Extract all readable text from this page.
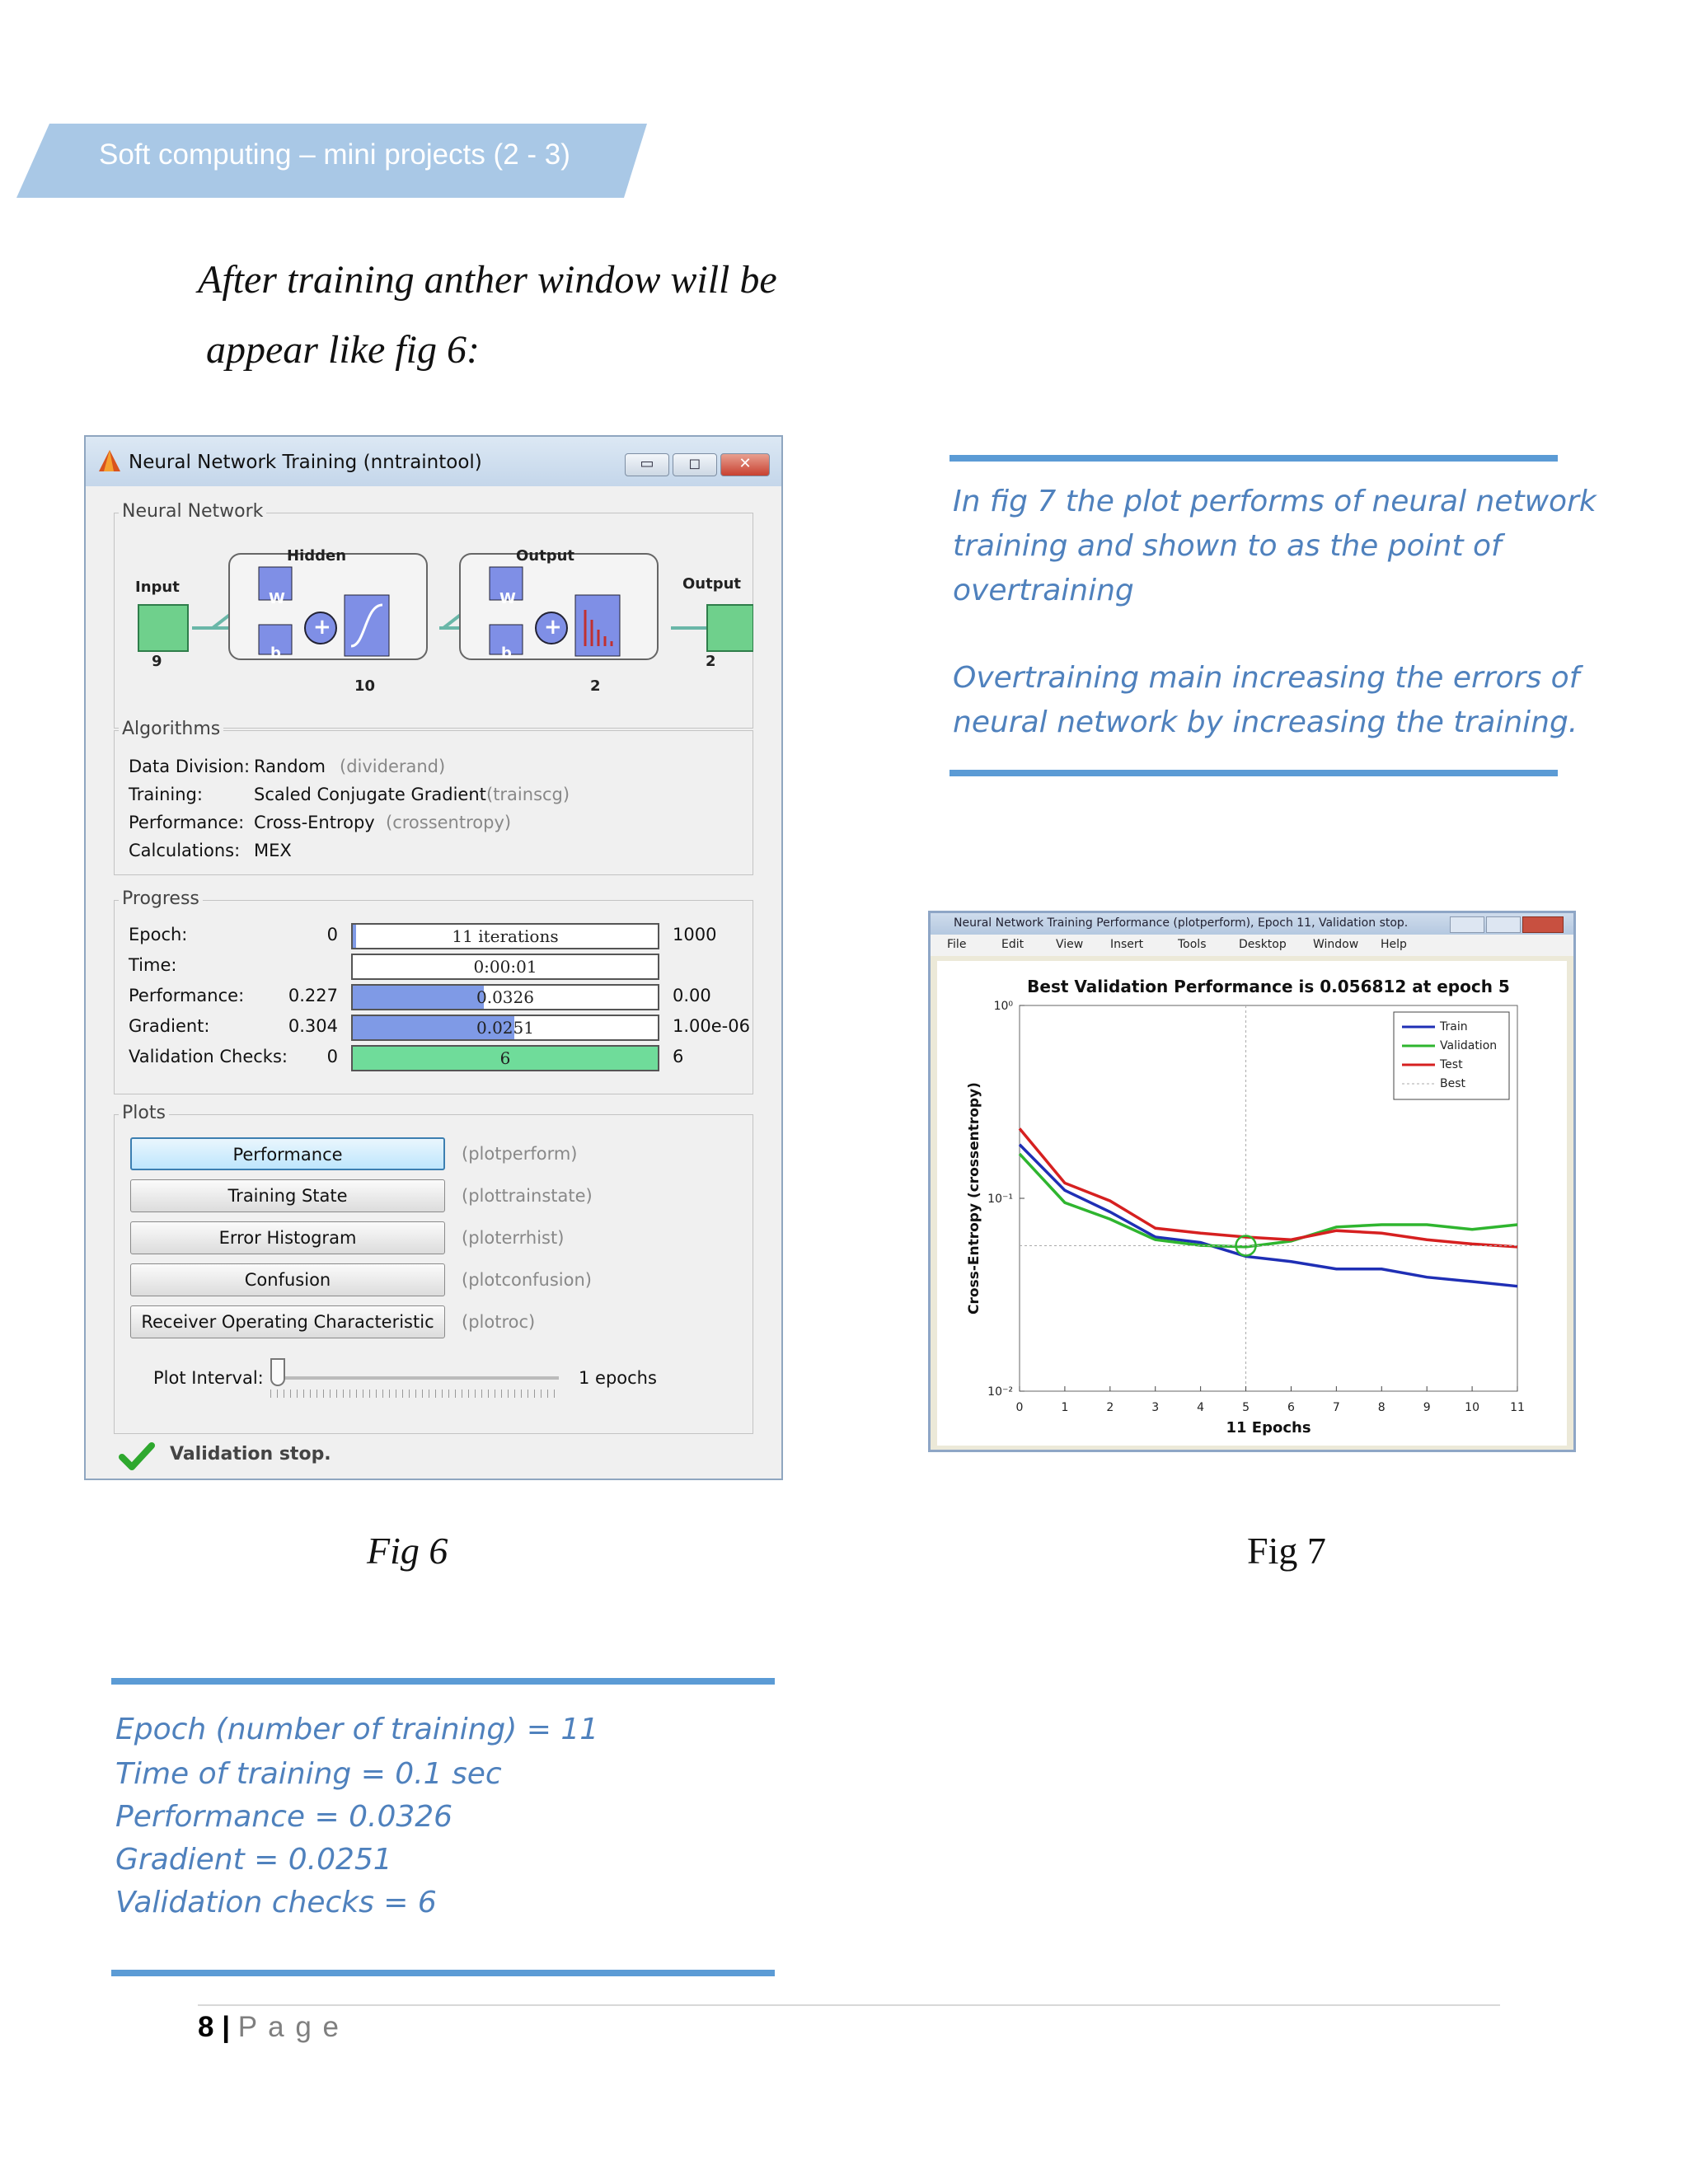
Soft computing – mini projects (2 - 3)
After training anther window will be
appear like fig 6:
Neural Network Training (nntraintool)	▭	◻	✕
Neural Network
Input
9
Hidden
10
Output
2
Output
2
W
b
W
b
+	+
Algorithms
Data Division: Random (dividerand)
Training:	Scaled Conjugate Gradient (trainscg)
Performance: Cross-Entropy (crossentropy)
Calculations: MEX
Progress
Plots
Plot Interval:	1 epochs
Validation stop.
Epoch:	0	11 iterations	1000
Time:	0:00:01
Performance:	0.227	0.0326	0.00
Gradient:	0.304	0.0251	1.00e-06
Validation Checks:	0	6	6
Performance	(plotperform)
Training State	(plottrainstate)
Error Histogram	(ploterrhist)
Confusion	(plotconfusion)
Receiver Operating Characteristic	(plotroc)
In fig 7 the plot performs of neural network
training and shown to as the point of
overtraining
Overtraining main increasing the errors of
neural network by increasing the training.
Neural Network Training Performance (plotperform), Epoch 11, Validation stop.
File	Edit	View Insert	Tools	Desktop Window Help
Best Validation Performance is 0.056812 at epoch 5
0	1	2	3	4	5	6	7	8	9	10	11
10⁰
10⁻¹
10⁻²
11 Epochs
Cross-Entropy (crossentropy)
Train
Validation
Test
Best
Fig 6	Fig 7
Epoch (number of training) = 11
Time of training = 0.1 sec
Performance = 0.0326
Gradient = 0.0251
Validation checks = 6
8 | P a g e
